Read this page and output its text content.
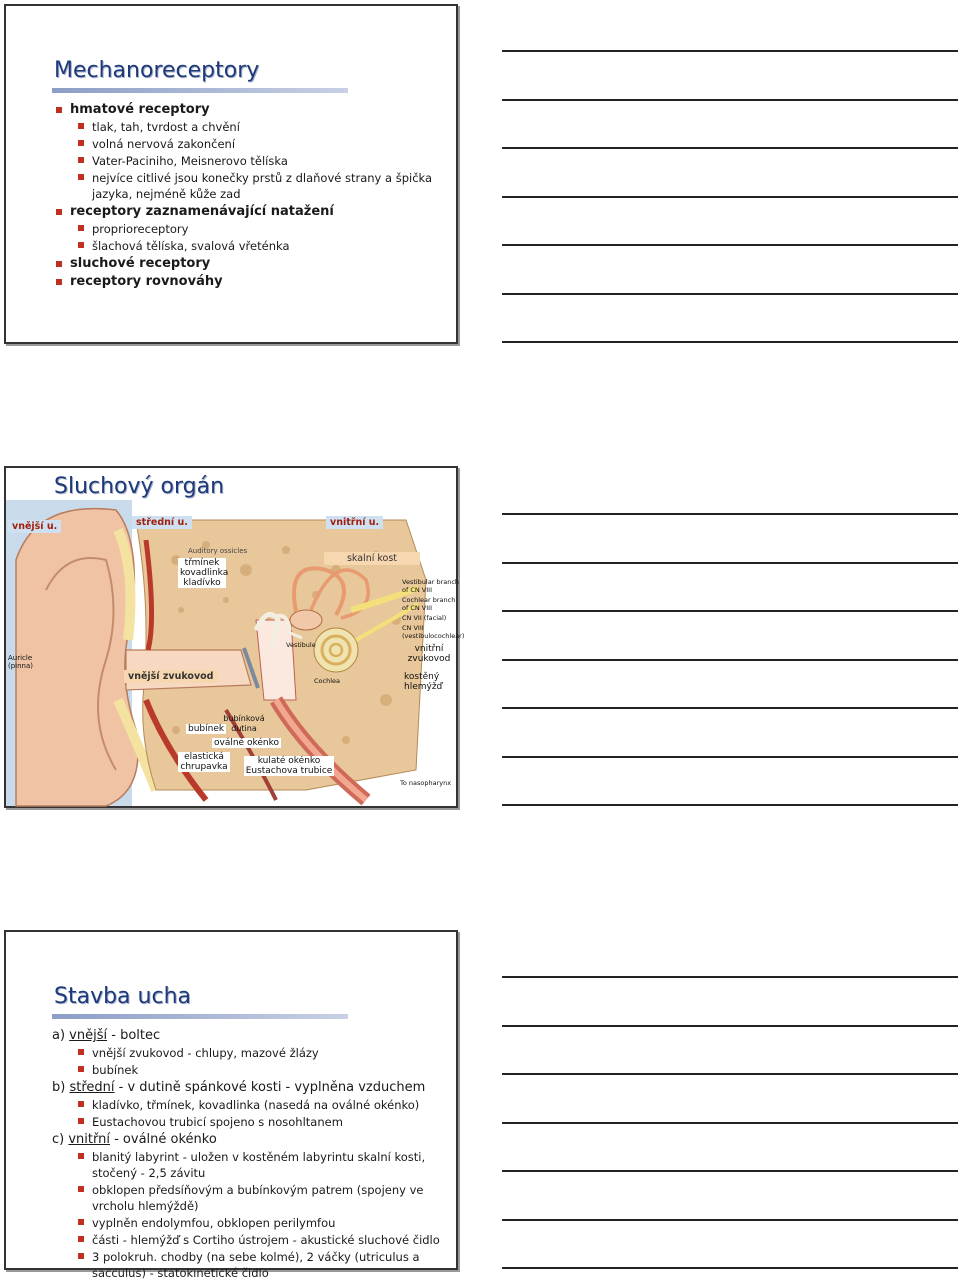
Mechanoreceptory
hmatové receptory
tlak, tah, tvrdost a chvění
volná nervová zakončení
Vater-Paciniho, Meisnerovo tělíska
nejvíce citlivé jsou konečky prstů z dlaňové strany a špička jazyka, nejméně kůže zad
receptory zaznamenávající natažení
proprioreceptory
šlachová tělíska, svalová vřeténka
sluchové receptory
receptory rovnováhy
Sluchový orgán
vnější u.	střední u.	vnitřní u.
skalní kost
vnější zvukovod
Auditory ossicles
třmínek
kovadlinka
kladívko	Vestibular branch of CN VIII
Cochlear branch of CN VIII
CN VII (facial)
CN VIII (vestibulocochlear)
Vestibule
Cochlea
vnitřní zvukovod
kostěný hlemýžď
Auricle (pinna)
bubínková dutina
bubínek
oválné okénko
elastická chrupavka
kulaté okénko
Eustachova trubice
To nasopharynx
Stavba ucha
a) vnější - boltec
vnější zvukovod - chlupy, mazové žlázy
bubínek
b) střední - v dutině spánkové kosti - vyplněna vzduchem
kladívko, třmínek, kovadlinka (nasedá na oválné okénko)
Eustachovou trubicí spojeno s nosohltanem
c) vnitřní - oválné okénko
blanitý labyrint - uložen v kostěném labyrintu skalní kosti, stočený - 2,5 závitu
obklopen předsíňovým a bubínkovým patrem (spojeny ve vrcholu hlemýždě)
vyplněn endolymfou, obklopen perilymfou
části - hlemýžď s Cortiho ústrojem - akustické sluchové čidlo
3 polokruh. chodby (na sebe kolmé), 2 váčky (utriculus a sacculus) - statokinetické čidlo
